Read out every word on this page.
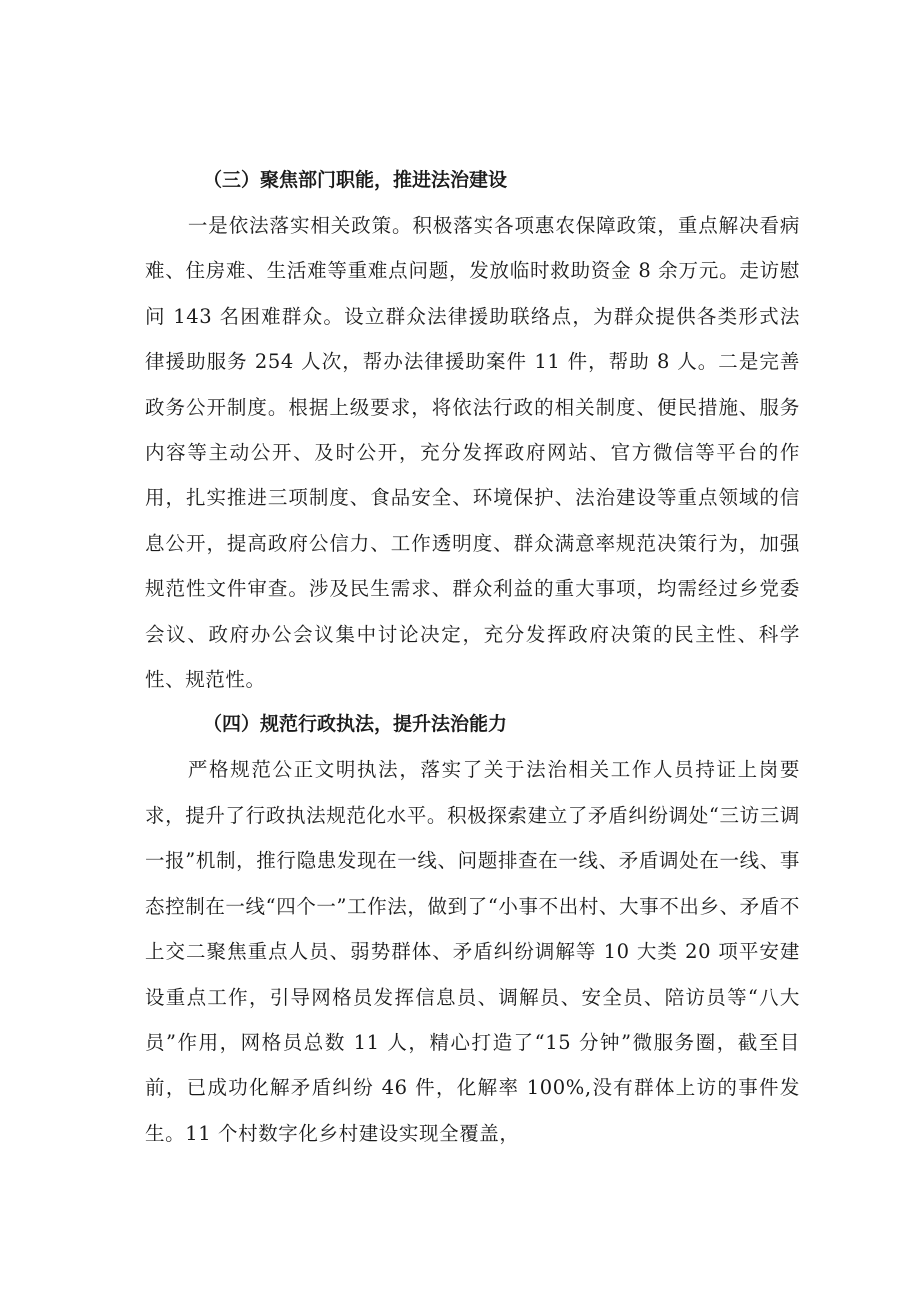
（三）聚焦部门职能，推进法治建设

一是依法落实相关政策。积极落实各项惠农保障政策，重点解决看病难、住房难、生活难等重难点问题，发放临时救助资金 8 余万元。走访慰问 143 名困难群众。设立群众法律援助联络点，为群众提供各类形式法律援助服务 254 人次，帮办法律援助案件 11 件，帮助 8 人。二是完善政务公开制度。根据上级要求，将依法行政的相关制度、便民措施、服务内容等主动公开、及时公开，充分发挥政府网站、官方微信等平台的作用，扎实推进三项制度、食品安全、环境保护、法治建设等重点领域的信息公开，提高政府公信力、工作透明度、群众满意率规范决策行为，加强规范性文件审查。涉及民生需求、群众利益的重大事项，均需经过乡党委会议、政府办公会议集中讨论决定，充分发挥政府决策的民主性、科学性、规范性。

（四）规范行政执法，提升法治能力

严格规范公正文明执法，落实了关于法治相关工作人员持证上岗要求，提升了行政执法规范化水平。积极探索建立了矛盾纠纷调处“三访三调一报”机制，推行隐患发现在一线、问题排查在一线、矛盾调处在一线、事态控制在一线“四个一”工作法，做到了“小事不出村、大事不出乡、矛盾不上交二聚焦重点人员、弱势群体、矛盾纠纷调解等 10 大类 20 项平安建设重点工作，引导网格员发挥信息员、调解员、安全员、陪访员等“八大员”作用，网格员总数 11 人，精心打造了“15 分钟”微服务圈，截至目前，已成功化解矛盾纠纷 46 件，化解率 100%,没有群体上访的事件发生。11 个村数字化乡村建设实现全覆盖，
